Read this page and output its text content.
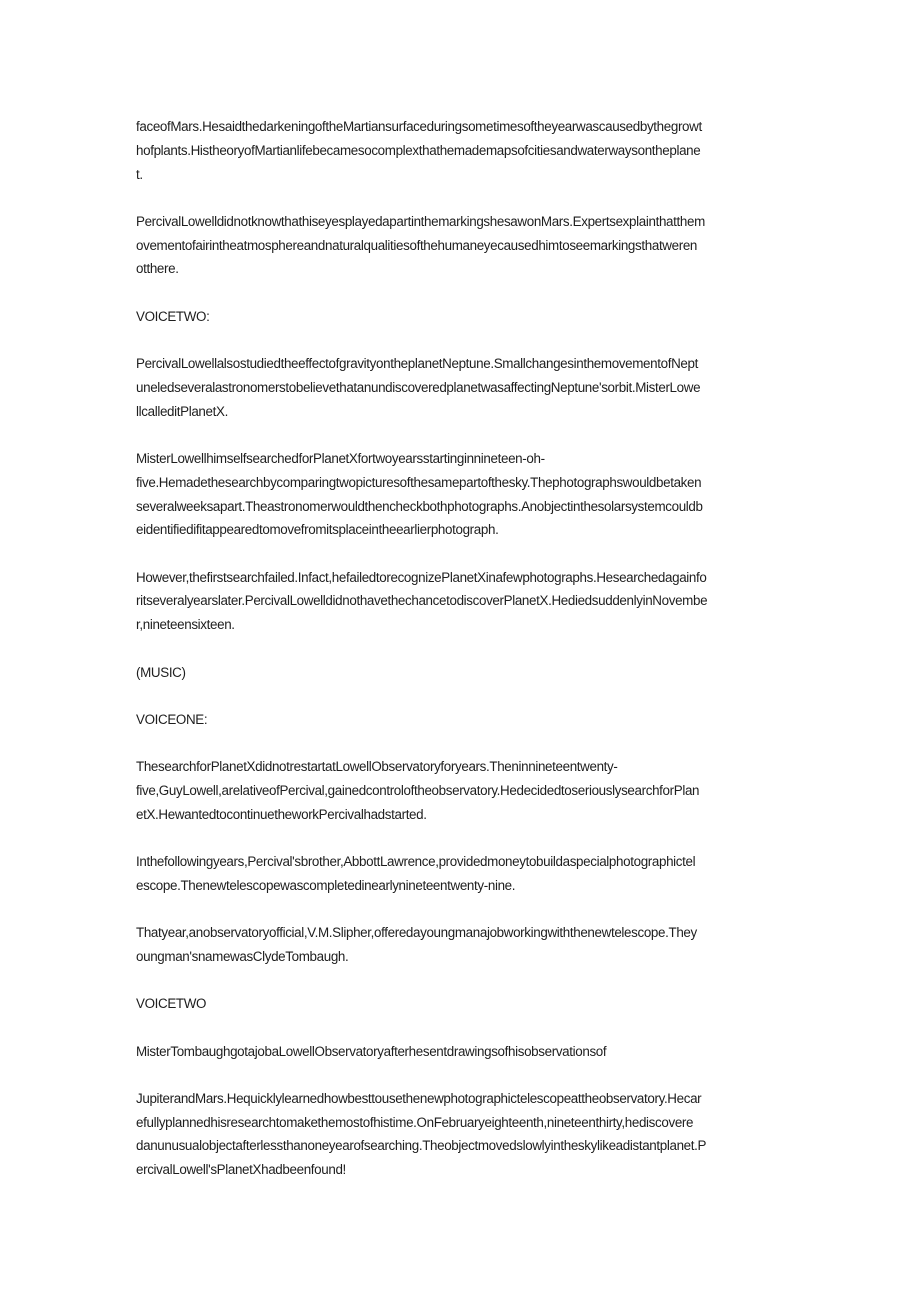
faceofMars.HesaidthedarkeningoftheMartiansurfaceduringsometimesoftheyearwascausedbythegrowt
hofplants.HistheoryofMartianlifebecamesocomplexthathemademapsofcitiesandwaterwaysontheplane
t.

PercivalLowelldidnotknowthathiseyesplayedapartinthemarkingshesawonMars.Expertsexplainthatthem
ovementofairintheatmosphereandnaturalqualitiesofthehumaneyecausedhimtoseemarkingsthatweren
otthere.

VOICETWO:

PercivalLowellalsostudiedtheeffectofgravityontheplanetNeptune.SmallchangesinthemovementofNept
uneledseveralastronomerstobelievethatanundiscoveredplanetwasaffectingNeptune'sorbit.MisterLowe
llcalleditPlanetX.

MisterLowellhimselfsearchedforPlanetXfortwoyearsstartinginnineteen-oh-
five.Hemadethesearchbycomparingtwopicturesofthesamepartofthesky.Thephotographswouldbetaken
severalweeksapart.Theastronomerwouldthencheckbothphotographs.Anobjectinthesolarsystemcouldb
eidentifiedifitappearedtomovefromitsplaceintheearlierphotograph.

However,thefirstsearchfailed.Infact,hefailedtorecognizePlanetXinafewphotographs.Hesearchedagainfo
ritseveralyearslater.PercivalLowelldidnothavethechancetodiscoverPlanetX.HediedsuddenlyinNovembe
r,nineteensixteen.

(MUSIC)

VOICEONE:

ThesearchforPlanetXdidnotrestartatLowellObservatoryforyears.Theninnineteentwenty-
five,GuyLowell,arelativeofPercival,gainedcontroloftheobservatory.HedecidedtoseriouslysearchforPlan
etX.HewantedtocontinuetheworkPercivalhadstarted.

Inthefollowingyears,Percival'sbrother,AbbottLawrence,providedmoneytobuildaspecialphotographictel
escope.Thenewtelescopewascompletedinearlynineteentwenty-nine.

Thatyear,anobservatoryofficial,V.M.Slipher,offeredayoungmanajobworkingwiththenewtelescope.They
oungman'snamewasClydeTombaugh.

VOICETWO

MisterTombaughgotajobaLowellObservatoryafterhesentdrawingsofhisobservationsof

JupiterandMars.Hequicklylearnedhowbesttousethenewphotographictelescopeattheobservatory.Hecar
efullyplannedhisresearchtomakethemostofhistime.OnFebruaryeighteenth,nineteenthirty,hediscovere
danunusualobjectafterlessthanoneyearofsearching.Theobjectmovedslowlyintheskylikeadistantplanet.P
ercivalLowell'sPlanetXhadbeenfound!
